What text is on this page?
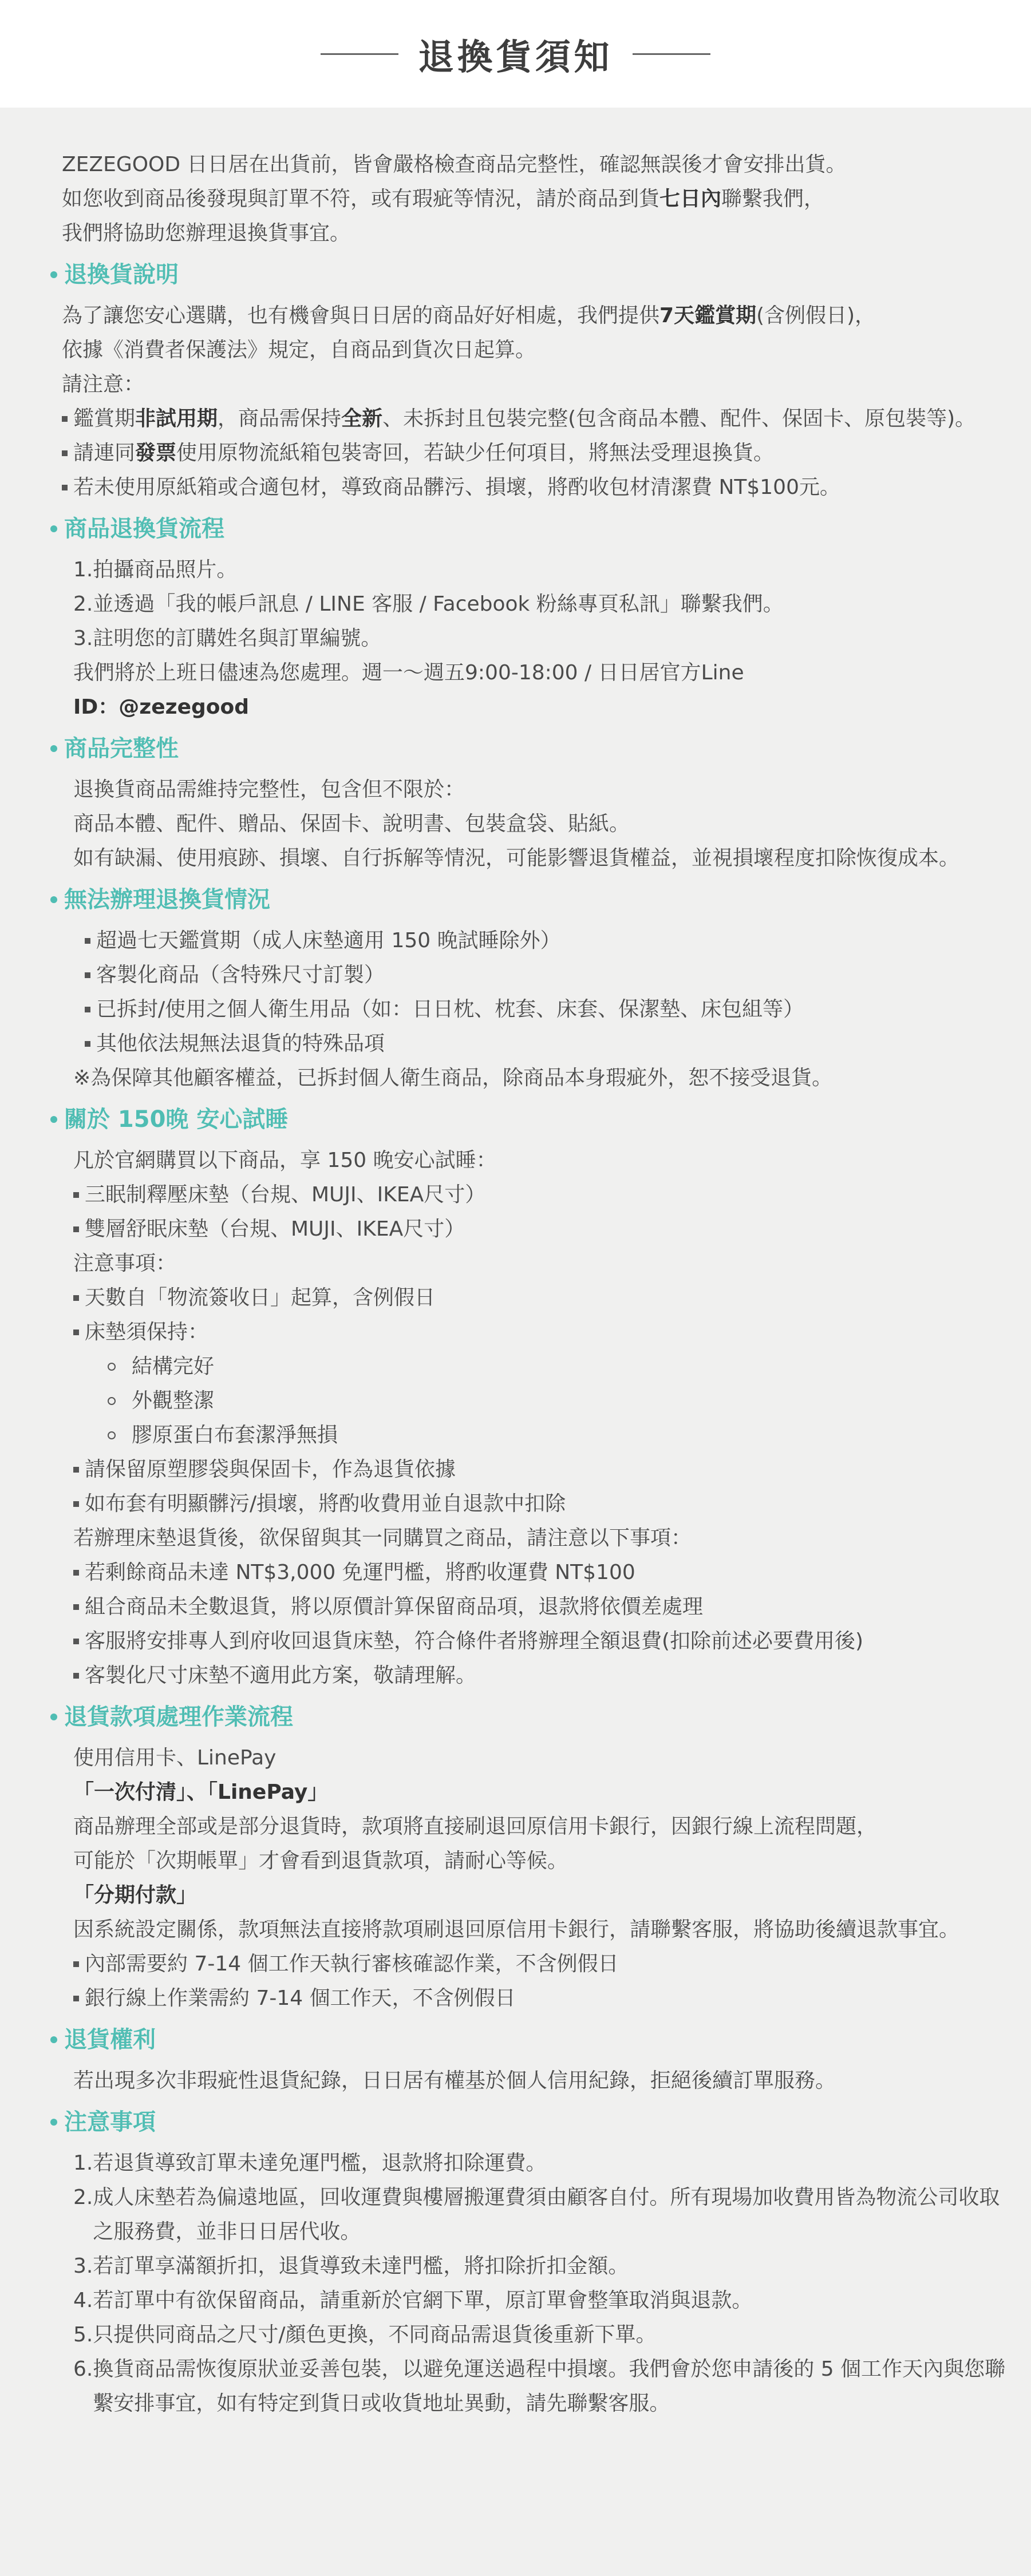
退換貨須知

ZEZEGOOD 日日居在出貨前，皆會嚴格檢查商品完整性，確認無誤後才會安排出貨。

如您收到商品後發現與訂單不符，或有瑕疵等情況，請於商品到貨七日內聯繫我們，

我們將協助您辦理退換貨事宜。

退換貨說明

為了讓您安心選購，也有機會與日日居的商品好好相處，我們提供7天鑑賞期(含例假日)，

依據《消費者保護法》規定，自商品到貨次日起算。

請注意：

鑑賞期非試用期，商品需保持全新、未拆封且包裝完整(包含商品本體、配件、保固卡、原包裝等)。
請連同發票使用原物流紙箱包裝寄回，若缺少任何項目，將無法受理退換貨。
若未使用原紙箱或合適包材，導致商品髒污、損壞，將酌收包材清潔費 NT$100元。
商品退換貨流程
1. 拍攝商品照片。
2. 並透過「我的帳戶訊息 / LINE 客服 / Facebook 粉絲專頁私訊」聯繫我們。
3. 註明您的訂購姓名與訂單編號。

我們將於上班日儘速為您處理。週一～週五9:00-18:00 / 日日居官方Line

ID：@zezegood

商品完整性

退換貨商品需維持完整性，包含但不限於：

商品本體、配件、贈品、保固卡、說明書、包裝盒袋、貼紙。

如有缺漏、使用痕跡、損壞、自行拆解等情況，可能影響退貨權益，並視損壞程度扣除恢復成本。

無法辦理退換貨情況
超過七天鑑賞期（成人床墊適用 150 晚試睡除外）
客製化商品（含特殊尺寸訂製）
已拆封/使用之個人衛生用品（如：日日枕、枕套、床套、保潔墊、床包組等）
其他依法規無法退貨的特殊品項

※為保障其他顧客權益，已拆封個人衛生商品，除商品本身瑕疵外，恕不接受退貨。

關於 150晚 安心試睡

凡於官網購買以下商品，享 150 晚安心試睡：

三眠制釋壓床墊（台規、MUJI、IKEA尺寸）
雙層舒眠床墊（台規、MUJI、IKEA尺寸）

注意事項：

天數自「物流簽收日」起算，含例假日
床墊須保持：
結構完好
外觀整潔
膠原蛋白布套潔淨無損
請保留原塑膠袋與保固卡，作為退貨依據
如布套有明顯髒污/損壞，將酌收費用並自退款中扣除

若辦理床墊退貨後，欲保留與其一同購買之商品，請注意以下事項：

若剩餘商品未達 NT$3,000 免運門檻，將酌收運費 NT$100
組合商品未全數退貨，將以原價計算保留商品項，退款將依價差處理
客服將安排專人到府收回退貨床墊，符合條件者將辦理全額退費(扣除前述必要費用後)
客製化尺寸床墊不適用此方案，敬請理解。
退貨款項處理作業流程

使用信用卡、LinePay

「一次付清」、「LinePay」

商品辦理全部或是部分退貨時，款項將直接刷退回原信用卡銀行，因銀行線上流程問題，

可能於「次期帳單」才會看到退貨款項，請耐心等候。

「分期付款」

因系統設定關係，款項無法直接將款項刷退回原信用卡銀行，請聯繫客服，將協助後續退款事宜。

內部需要約 7-14 個工作天執行審核確認作業，不含例假日
銀行線上作業需約 7-14 個工作天，不含例假日
退貨權利

若出現多次非瑕疵性退貨紀錄，日日居有權基於個人信用紀錄，拒絕後續訂單服務。

注意事項
1. 若退貨導致訂單未達免運門檻，退款將扣除運費。
2. 成人床墊若為偏遠地區，回收運費與樓層搬運費須由顧客自付。所有現場加收費用皆為物流公司收取之服務費，並非日日居代收。
3. 若訂單享滿額折扣，退貨導致未達門檻，將扣除折扣金額。
4. 若訂單中有欲保留商品，請重新於官網下單，原訂單會整筆取消與退款。
5. 只提供同商品之尺寸/顏色更換，不同商品需退貨後重新下單。
6. 換貨商品需恢復原狀並妥善包裝，以避免運送過程中損壞。我們會於您申請後的 5 個工作天內與您聯繫安排事宜，如有特定到貨日或收貨地址異動，請先聯繫客服。
